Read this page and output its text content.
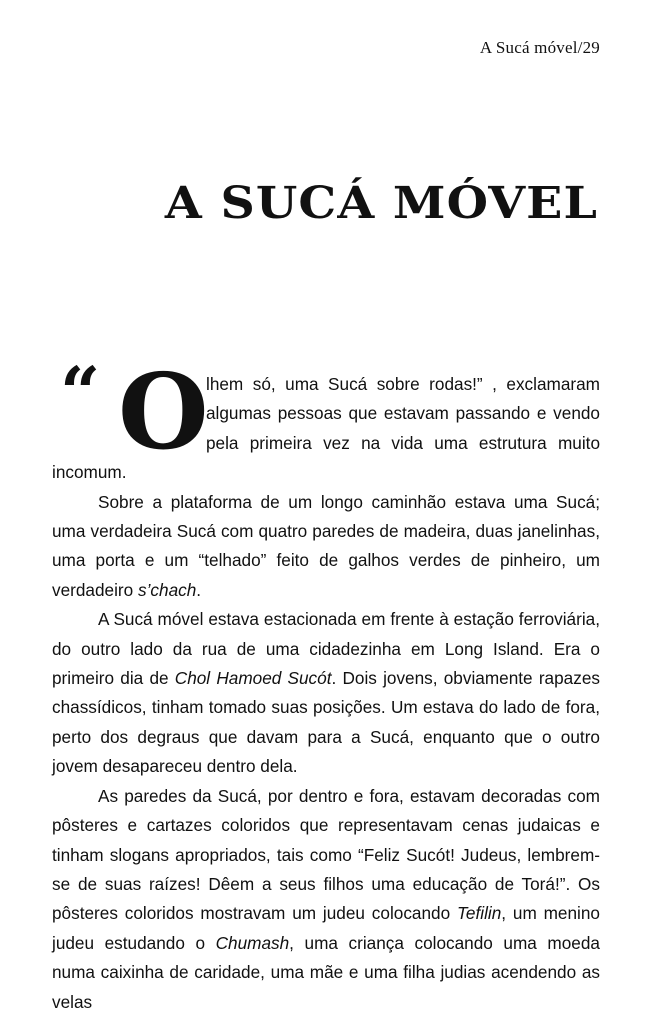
A Sucá móvel/29
A SUCÁ MÓVEL

“ O
lhem só, uma Sucá sobre rodas!” , exclamaram algumas pessoas que estavam passando e vendo pela primeira vez na vida uma estrutura muito incomum.

Sobre a plataforma de um longo caminhão estava uma Sucá; uma verdadeira Sucá com quatro paredes de madeira, duas janelinhas, uma porta e um “telhado” feito de galhos verdes de pinheiro, um verdadeiro s’chach.

A Sucá móvel estava estacionada em frente à estação ferroviária, do outro lado da rua de uma cidadezinha em Long Island. Era o primeiro dia de Chol Hamoed Sucót. Dois jovens, obviamente rapazes chassídicos, tinham tomado suas posições. Um estava do lado de fora, perto dos degraus que davam para a Sucá, enquanto que o outro jovem desapareceu dentro dela.

As paredes da Sucá, por dentro e fora, estavam decoradas com pôsteres e cartazes coloridos que representavam cenas judaicas e tinham slogans apropriados, tais como “Feliz Sucót! Judeus, lembrem-se de suas raízes! Dêem a seus filhos uma educação de Torá!”. Os pôsteres coloridos mostravam um judeu colocando Tefilin, um menino judeu estudando o Chumash, uma criança colocando uma moeda numa caixinha de caridade, uma mãe e uma filha judias acendendo as velas
